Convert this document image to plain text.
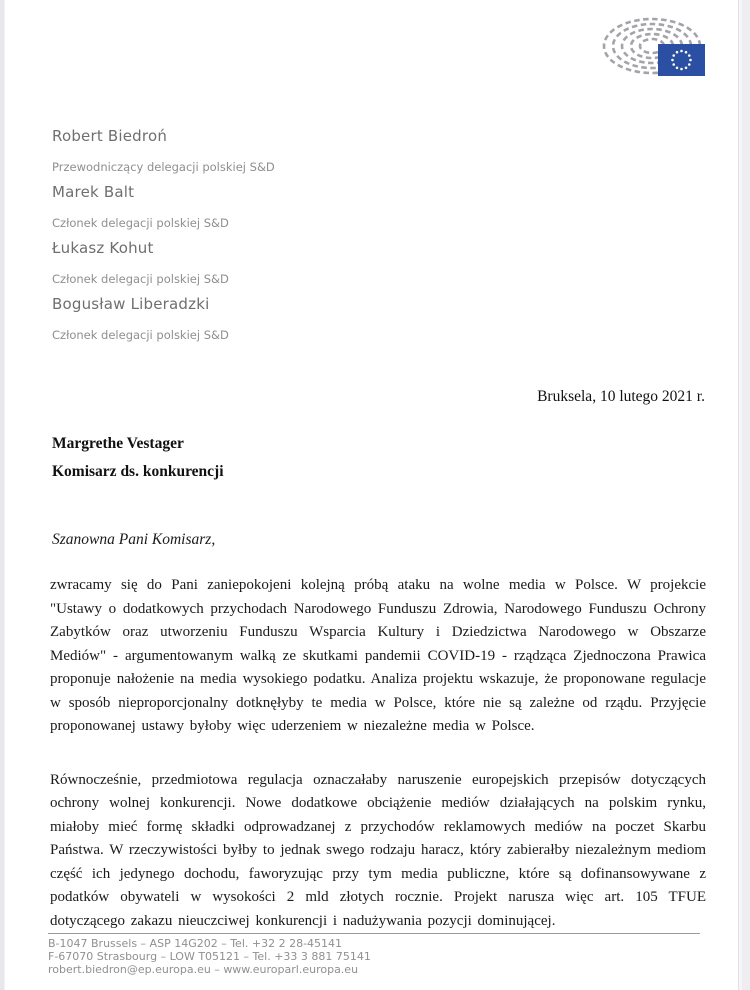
Robert Biedroń
Przewodniczący delegacji polskiej S&D
Marek Balt
Członek delegacji polskiej S&D
Łukasz Kohut
Członek delegacji polskiej S&D
Bogusław Liberadzki
Członek delegacji polskiej S&D
Bruksela, 10 lutego 2021 r.
Margrethe Vestager
Komisarz ds. konkurencji
Szanowna Pani Komisarz,

zwracamy się do Pani zaniepokojeni kolejną próbą ataku na wolne media w Polsce. W projekcie "Ustawy o dodatkowych przychodach Narodowego Funduszu Zdrowia, Narodowego Funduszu Ochrony Zabytków oraz utworzeniu Funduszu Wsparcia Kultury i Dziedzictwa Narodowego w Obszarze Mediów" - argumentowanym walką ze skutkami pandemii COVID-19 - rządząca Zjednoczona Prawica proponuje nałożenie na media wysokiego podatku. Analiza projektu wskazuje, że proponowane regulacje w sposób nieproporcjonalny dotknęłyby te media w Polsce, które nie są zależne od rządu. Przyjęcie proponowanej ustawy byłoby więc uderzeniem w niezależne media w Polsce.

Równocześnie, przedmiotowa regulacja oznaczałaby naruszenie europejskich przepisów dotyczących ochrony wolnej konkurencji. Nowe dodatkowe obciążenie mediów działających na polskim rynku, miałoby mieć formę składki odprowadzanej z przychodów reklamowych mediów na poczet Skarbu Państwa. W rzeczywistości byłby to jednak swego rodzaju haracz, który zabierałby niezależnym mediom część ich jedynego dochodu, faworyzując przy tym media publiczne, które są dofinansowywane z podatków obywateli w wysokości 2 mld złotych rocznie. Projekt narusza więc art. 105 TFUE dotyczącego zakazu nieuczciwej konkurencji i nadużywania pozycji dominującej.

B-1047 Brussels – ASP 14G202 – Tel. +32 2 28-45141
F-67070 Strasbourg – LOW T05121 – Tel. +33 3 881 75141
robert.biedron@ep.europa.eu – www.europarl.europa.eu
